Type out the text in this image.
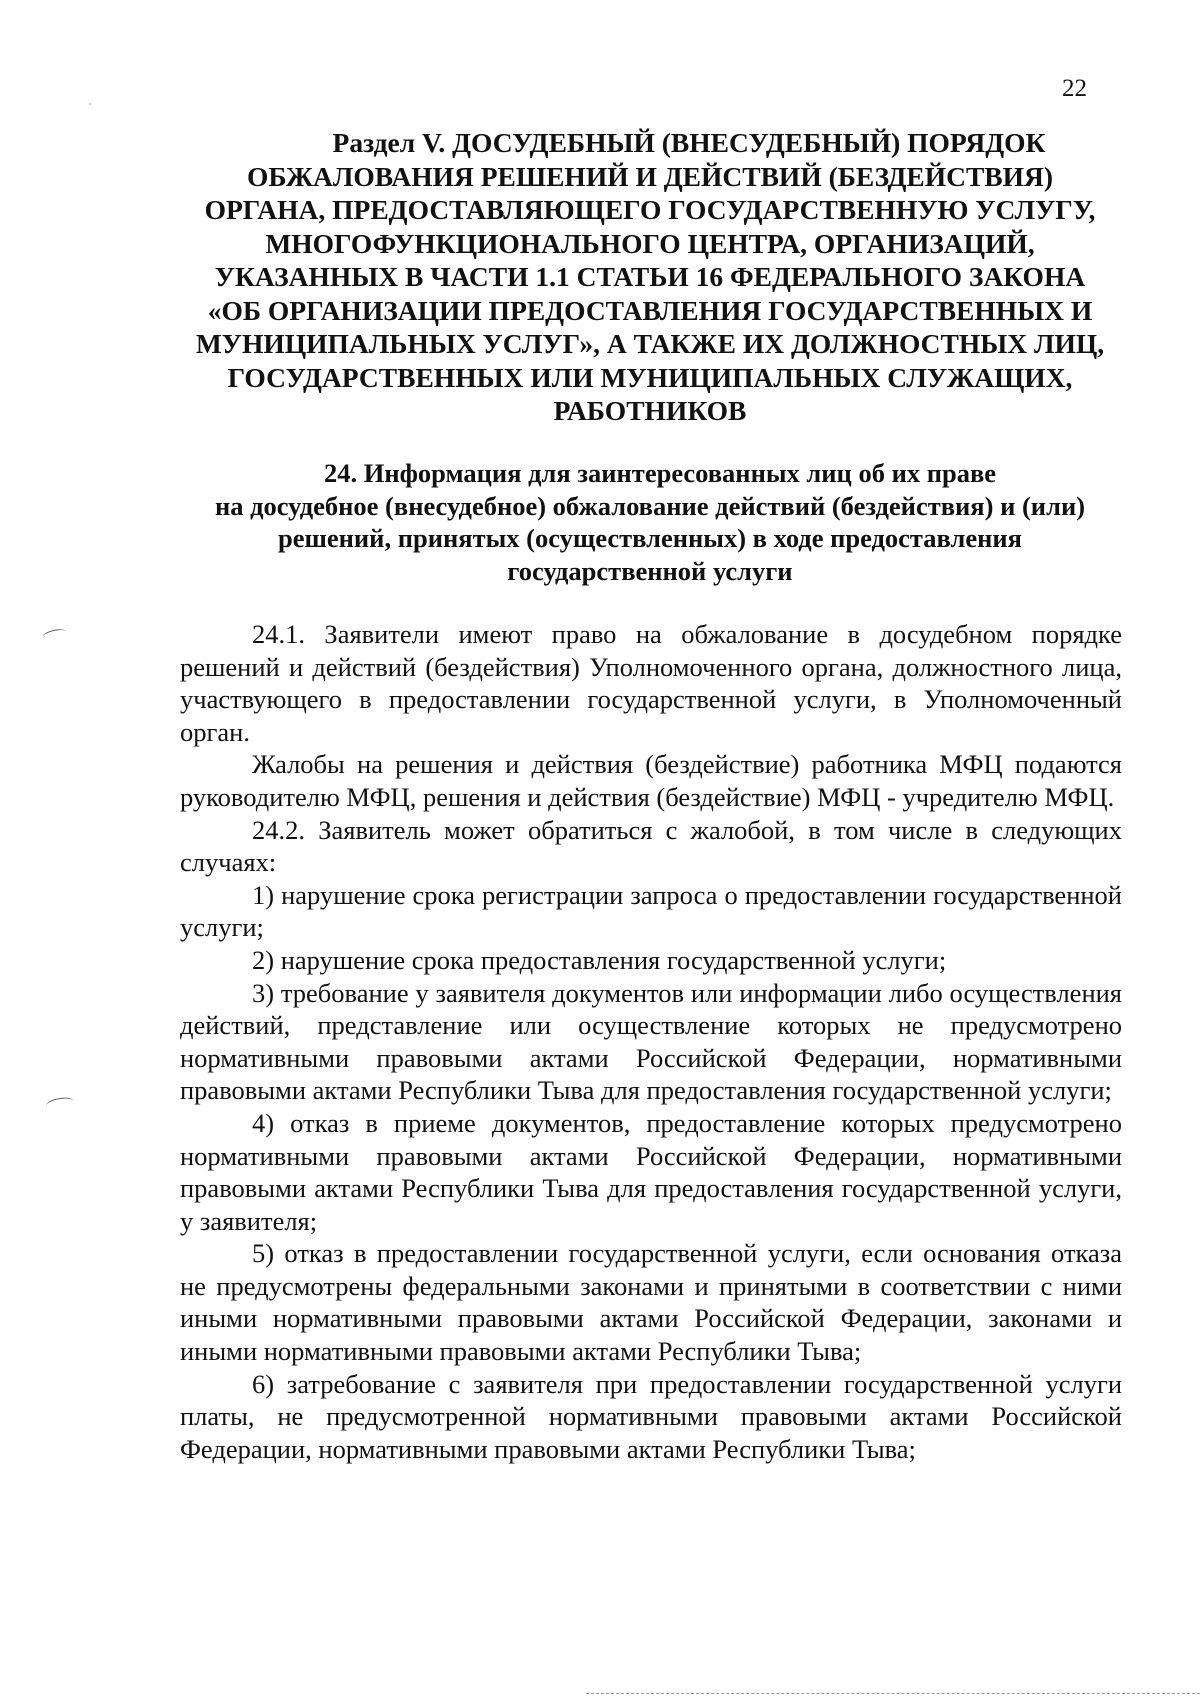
22
Раздел V. ДОСУДЕБНЫЙ (ВНЕСУДЕБНЫЙ) ПОРЯДОК
ОБЖАЛОВАНИЯ РЕШЕНИЙ И ДЕЙСТВИЙ (БЕЗДЕЙСТВИЯ)
ОРГАНА, ПРЕДОСТАВЛЯЮЩЕГО ГОСУДАРСТВЕННУЮ УСЛУГУ,
МНОГОФУНКЦИОНАЛЬНОГО ЦЕНТРА, ОРГАНИЗАЦИЙ,
УКАЗАННЫХ В ЧАСТИ 1.1 СТАТЬИ 16 ФЕДЕРАЛЬНОГО ЗАКОНА
«ОБ ОРГАНИЗАЦИИ ПРЕДОСТАВЛЕНИЯ ГОСУДАРСТВЕННЫХ И
МУНИЦИПАЛЬНЫХ УСЛУГ», А ТАКЖЕ ИХ ДОЛЖНОСТНЫХ ЛИЦ,
ГОСУДАРСТВЕННЫХ ИЛИ МУНИЦИПАЛЬНЫХ СЛУЖАЩИХ,
РАБОТНИКОВ
24. Информация для заинтересованных лиц об их праве
на досудебное (внесудебное) обжалование действий (бездействия) и (или)
решений, принятых (осуществленных) в ходе предоставления
государственной услуги

24.1. Заявители имеют право на обжалование в досудебном порядке решений и действий (бездействия) Уполномоченного органа, должностного лица, участвующего в предоставлении государственной услуги, в Уполномоченный орган.

Жалобы на решения и действия (бездействие) работника МФЦ подаются руководителю МФЦ, решения и действия (бездействие) МФЦ - учредителю МФЦ.

24.2. Заявитель может обратиться с жалобой, в том числе в следующих случаях:

1) нарушение срока регистрации запроса о предоставлении государственной услуги;

2) нарушение срока предоставления государственной услуги;

3) требование у заявителя документов или информации либо осуществления действий, представление или осуществление которых не предусмотрено нормативными правовыми актами Российской Федерации, нормативными правовыми актами Республики Тыва для предоставления государственной услуги;

4) отказ в приеме документов, предоставление которых предусмотрено нормативными правовыми актами Российской Федерации, нормативными правовыми актами Республики Тыва для предоставления государственной услуги, у заявителя;

5) отказ в предоставлении государственной услуги, если основания отказа не предусмотрены федеральными законами и принятыми в соответствии с ними иными нормативными правовыми актами Российской Федерации, законами и иными нормативными правовыми актами Республики Тыва;

6) затребование с заявителя при предоставлении государственной услуги платы, не предусмотренной нормативными правовыми актами Российской Федерации, нормативными правовыми актами Республики Тыва;
